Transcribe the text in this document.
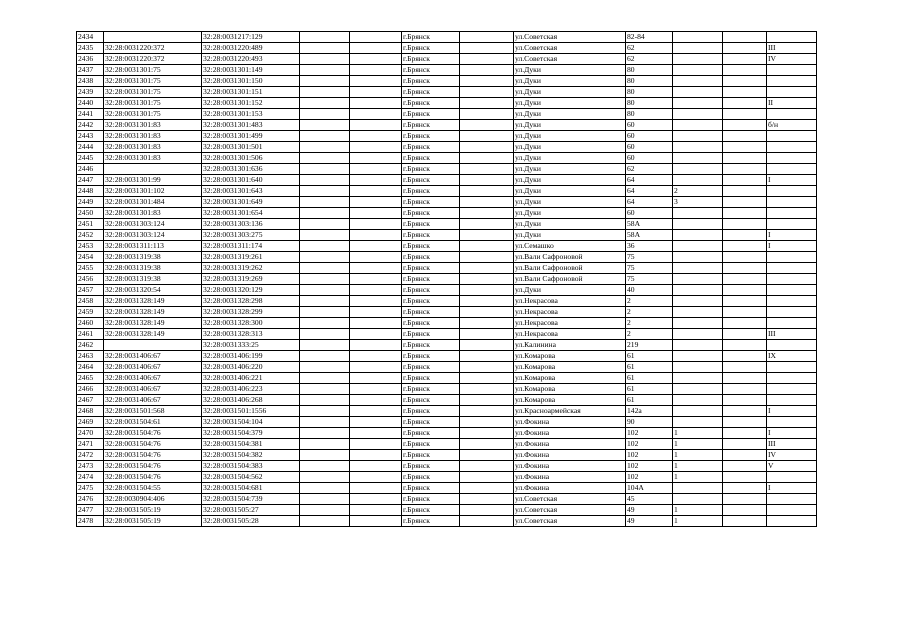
2434		32:28:0031217:129			г.Брянск		ул.Советская	82-84			
2435	32:28:0031220:372	32:28:0031220:489			г.Брянск		ул.Советская	62			III
2436	32:28:0031220:372	32:28:0031220:493			г.Брянск		ул.Советская	62			IV
2437	32:28:0031301:75	32:28:0031301:149			г.Брянск		ул.Дуки	80			
2438	32:28:0031301:75	32:28:0031301:150			г.Брянск		ул.Дуки	80			
2439	32:28:0031301:75	32:28:0031301:151			г.Брянск		ул.Дуки	80			
2440	32:28:0031301:75	32:28:0031301:152			г.Брянск		ул.Дуки	80			II
2441	32:28:0031301:75	32:28:0031301:153			г.Брянск		ул.Дуки	80			
2442	32:28:0031301:83	32:28:0031301:483			г.Брянск		ул.Дуки	60			б/н
2443	32:28:0031301:83	32:28:0031301:499			г.Брянск		ул.Дуки	60			
2444	32:28:0031301:83	32:28:0031301:501			г.Брянск		ул.Дуки	60			
2445	32:28:0031301:83	32:28:0031301:506			г.Брянск		ул.Дуки	60			
2446		32:28:0031301:636			г.Брянск		ул.Дуки	62			
2447	32:28:0031301:99	32:28:0031301:640			г.Брянск		ул.Дуки	64			I
2448	32:28:0031301:102	32:28:0031301:643			г.Брянск		ул.Дуки	64	2		
2449	32:28:0031301:484	32:28:0031301:649			г.Брянск		ул.Дуки	64	3		
2450	32:28:0031301:83	32:28:0031301:654			г.Брянск		ул.Дуки	60			
2451	32:28:0031303:124	32:28:0031303:136			г.Брянск		ул.Дуки	58А			
2452	32:28:0031303:124	32:28:0031303:275			г.Брянск		ул.Дуки	58А			I
2453	32:28:0031311:113	32:28:0031311:174			г.Брянск		ул.Семашко	36			I
2454	32:28:0031319:38	32:28:0031319:261			г.Брянск		ул.Вали Сафроновой	75			
2455	32:28:0031319:38	32:28:0031319:262			г.Брянск		ул.Вали Сафроновой	75			
2456	32:28:0031319:38	32:28:0031319:269			г.Брянск		ул.Вали Сафроновой	75			
2457	32:28:0031320:54	32:28:0031320:129			г.Брянск		ул.Дуки	40			
2458	32:28:0031328:149	32:28:0031328:298			г.Брянск		ул.Некрасова	2			
2459	32:28:0031328:149	32:28:0031328:299			г.Брянск		ул.Некрасова	2			
2460	32:28:0031328:149	32:28:0031328:300			г.Брянск		ул.Некрасова	2			
2461	32:28:0031328:149	32:28:0031328:313			г.Брянск		ул.Некрасова	2			III
2462		32:28:0031333:25			г.Брянск		ул.Калинина	219			
2463	32:28:0031406:67	32:28:0031406:199			г.Брянск		ул.Комарова	61			IX
2464	32:28:0031406:67	32:28:0031406:220			г.Брянск		ул.Комарова	61			
2465	32:28:0031406:67	32:28:0031406:221			г.Брянск		ул.Комарова	61			
2466	32:28:0031406:67	32:28:0031406:223			г.Брянск		ул.Комарова	61			
2467	32:28:0031406:67	32:28:0031406:268			г.Брянск		ул.Комарова	61			
2468	32:28:0031501:568	32:28:0031501:1556			г.Брянск		ул.Красноармейская	142а			I
2469	32:28:0031504:61	32:28:0031504:104			г.Брянск		ул.Фокина	90			
2470	32:28:0031504:76	32:28:0031504:379			г.Брянск		ул.Фокина	102	1		I
2471	32:28:0031504:76	32:28:0031504:381			г.Брянск		ул.Фокина	102	1		III
2472	32:28:0031504:76	32:28:0031504:382			г.Брянск		ул.Фокина	102	1		IV
2473	32:28:0031504:76	32:28:0031504:383			г.Брянск		ул.Фокина	102	1		V
2474	32:28:0031504:76	32:28:0031504:562			г.Брянск		ул.Фокина	102	1		
2475	32:28:0031504:55	32:28:0031504:681			г.Брянск		ул.Фокина	104А			I
2476	32:28:0030904:406	32:28:0031504:739			г.Брянск		ул.Советская	45			
2477	32:28:0031505:19	32:28:0031505:27			г.Брянск		ул.Советская	49	1		
2478	32:28:0031505:19	32:28:0031505:28			г.Брянск		ул.Советская	49	1		
